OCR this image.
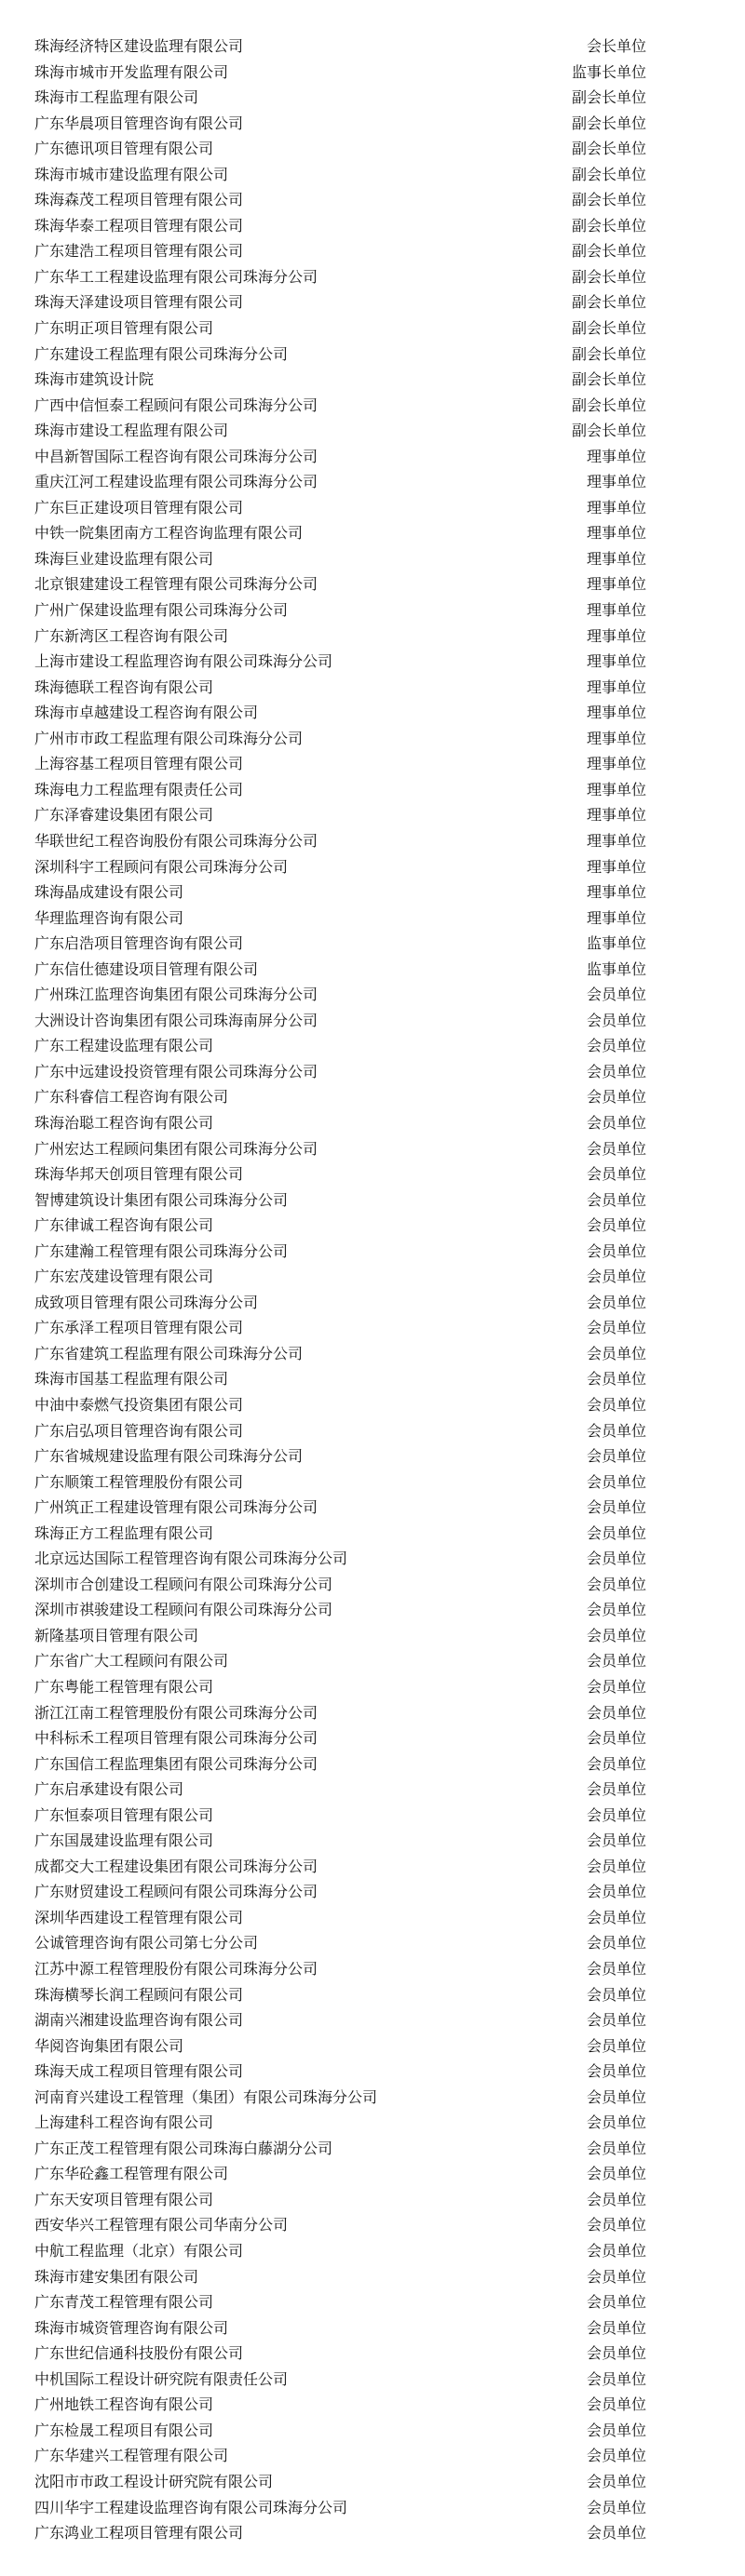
珠海经济特区建设监理有限公司	会长单位
珠海市城市开发监理有限公司	监事长单位
珠海市工程监理有限公司	副会长单位
广东华晨项目管理咨询有限公司	副会长单位
广东德讯项目管理有限公司	副会长单位
珠海市城市建设监理有限公司	副会长单位
珠海森茂工程项目管理有限公司	副会长单位
珠海华泰工程项目管理有限公司	副会长单位
广东建浩工程项目管理有限公司	副会长单位
广东华工工程建设监理有限公司珠海分公司	副会长单位
珠海天泽建设项目管理有限公司	副会长单位
广东明正项目管理有限公司	副会长单位
广东建设工程监理有限公司珠海分公司	副会长单位
珠海市建筑设计院	副会长单位
广西中信恒泰工程顾问有限公司珠海分公司	副会长单位
珠海市建设工程监理有限公司	副会长单位
中昌新智国际工程咨询有限公司珠海分公司	理事单位
重庆江河工程建设监理有限公司珠海分公司	理事单位
广东巨正建设项目管理有限公司	理事单位
中铁一院集团南方工程咨询监理有限公司	理事单位
珠海巨业建设监理有限公司	理事单位
北京银建建设工程管理有限公司珠海分公司	理事单位
广州广保建设监理有限公司珠海分公司	理事单位
广东新湾区工程咨询有限公司	理事单位
上海市建设工程监理咨询有限公司珠海分公司	理事单位
珠海德联工程咨询有限公司	理事单位
珠海市卓越建设工程咨询有限公司	理事单位
广州市市政工程监理有限公司珠海分公司	理事单位
上海容基工程项目管理有限公司	理事单位
珠海电力工程监理有限责任公司	理事单位
广东泽睿建设集团有限公司	理事单位
华联世纪工程咨询股份有限公司珠海分公司	理事单位
深圳科宇工程顾问有限公司珠海分公司	理事单位
珠海晶成建设有限公司	理事单位
华理监理咨询有限公司	理事单位
广东启浩项目管理咨询有限公司	监事单位
广东信仕德建设项目管理有限公司	监事单位
广州珠江监理咨询集团有限公司珠海分公司	会员单位
大洲设计咨询集团有限公司珠海南屏分公司	会员单位
广东工程建设监理有限公司	会员单位
广东中远建设投资管理有限公司珠海分公司	会员单位
广东科睿信工程咨询有限公司	会员单位
珠海治聪工程咨询有限公司	会员单位
广州宏达工程顾问集团有限公司珠海分公司	会员单位
珠海华邦天创项目管理有限公司	会员单位
智博建筑设计集团有限公司珠海分公司	会员单位
广东律诚工程咨询有限公司	会员单位
广东建瀚工程管理有限公司珠海分公司	会员单位
广东宏茂建设管理有限公司	会员单位
成致项目管理有限公司珠海分公司	会员单位
广东承泽工程项目管理有限公司	会员单位
广东省建筑工程监理有限公司珠海分公司	会员单位
珠海市国基工程监理有限公司	会员单位
中油中泰燃气投资集团有限公司	会员单位
广东启弘项目管理咨询有限公司	会员单位
广东省城规建设监理有限公司珠海分公司	会员单位
广东顺策工程管理股份有限公司	会员单位
广州筑正工程建设管理有限公司珠海分公司	会员单位
珠海正方工程监理有限公司	会员单位
北京远达国际工程管理咨询有限公司珠海分公司	会员单位
深圳市合创建设工程顾问有限公司珠海分公司	会员单位
深圳市祺骏建设工程顾问有限公司珠海分公司	会员单位
新隆基项目管理有限公司	会员单位
广东省广大工程顾问有限公司	会员单位
广东粤能工程管理有限公司	会员单位
浙江江南工程管理股份有限公司珠海分公司	会员单位
中科标禾工程项目管理有限公司珠海分公司	会员单位
广东国信工程监理集团有限公司珠海分公司	会员单位
广东启承建设有限公司	会员单位
广东恒泰项目管理有限公司	会员单位
广东国晟建设监理有限公司	会员单位
成都交大工程建设集团有限公司珠海分公司	会员单位
广东财贸建设工程顾问有限公司珠海分公司	会员单位
深圳华西建设工程管理有限公司	会员单位
公诚管理咨询有限公司第七分公司	会员单位
江苏中源工程管理股份有限公司珠海分公司	会员单位
珠海横琴长润工程顾问有限公司	会员单位
湖南兴湘建设监理咨询有限公司	会员单位
华阅咨询集团有限公司	会员单位
珠海天成工程项目管理有限公司	会员单位
河南育兴建设工程管理（集团）有限公司珠海分公司	会员单位
上海建科工程咨询有限公司	会员单位
广东正茂工程管理有限公司珠海白藤湖分公司	会员单位
广东华砼鑫工程管理有限公司	会员单位
广东天安项目管理有限公司	会员单位
西安华兴工程管理有限公司华南分公司	会员单位
中航工程监理（北京）有限公司	会员单位
珠海市建安集团有限公司	会员单位
广东青茂工程管理有限公司	会员单位
珠海市城资管理咨询有限公司	会员单位
广东世纪信通科技股份有限公司	会员单位
中机国际工程设计研究院有限责任公司	会员单位
广州地铁工程咨询有限公司	会员单位
广东检晟工程项目有限公司	会员单位
广东华建兴工程管理有限公司	会员单位
沈阳市市政工程设计研究院有限公司	会员单位
四川华宇工程建设监理咨询有限公司珠海分公司	会员单位
广东鸿业工程项目管理有限公司	会员单位
